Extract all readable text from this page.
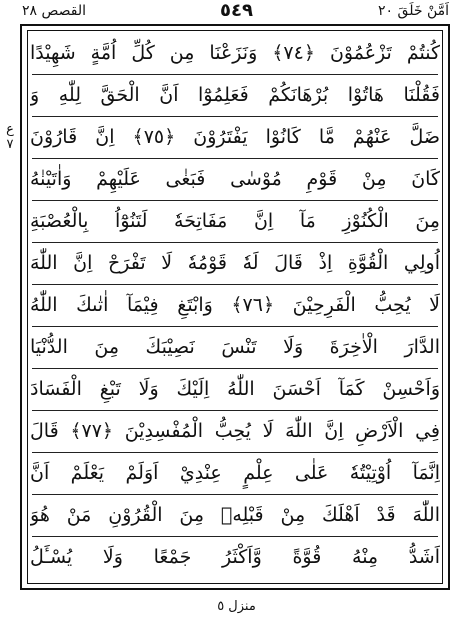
القصص ٢٨	٥٤٩	اَمَّنْ خَلَقَ ٢٠
ع ٧
كُنتُمْ تَزْعُمُوْنَ ﴿٧٤﴾ وَنَزَعْنَا مِن كُلِّ اُمَّةٍ شَهِيْدًا
فَقُلْنَا هَاتُوْا بُرْهَانَكُمْ فَعَلِمُوْٓا اَنَّ الْحَقَّ لِلّٰهِ وَ
ضَلَّ عَنْهُمْ مَّا كَانُوْا يَفْتَرُوْنَ ﴿٧٥﴾ اِنَّ قَارُوْنَ
كَانَ مِنْ قَوْمِ مُوْسٰى فَبَغٰى عَلَيْهِمْ وَاٰتَيْنٰهُ
مِنَ الْكُنُوْزِ مَآ اِنَّ مَفَاتِحَهٗ لَتَنُوْٓاُ بِالْعُصْبَةِ
اُولِي الْقُوَّةِ اِذْ قَالَ لَهٗ قَوْمُهٗ لَا تَفْرَحْ اِنَّ اللّٰهَ
لَا يُحِبُّ الْفَرِحِيْنَ ﴿٧٦﴾ وَابْتَغِ فِيْمَآ اٰتٰىكَ اللّٰهُ
الدَّارَ الْاٰخِرَةَ وَلَا تَنْسَ نَصِيْبَكَ مِنَ الدُّنْيَا
وَاَحْسِنْ كَمَآ اَحْسَنَ اللّٰهُ اِلَيْكَ وَلَا تَبْغِ الْفَسَادَ
فِي الْاَرْضِ اِنَّ اللّٰهَ لَا يُحِبُّ الْمُفْسِدِيْنَ ﴿٧٧﴾ قَالَ
اِنَّمَآ اُوْتِيْتُهٗ عَلٰى عِلْمٍ عِنْدِيْ اَوَلَمْ يَعْلَمْ اَنَّ
اللّٰهَ قَدْ اَهْلَكَ مِنْ قَبْلِهٖ مِنَ الْقُرُوْنِ مَنْ هُوَ
اَشَدُّ مِنْهُ قُوَّةً وَّاَكْثَرُ جَمْعًا وَلَا يُسْـَٔلُ
منزل ٥
